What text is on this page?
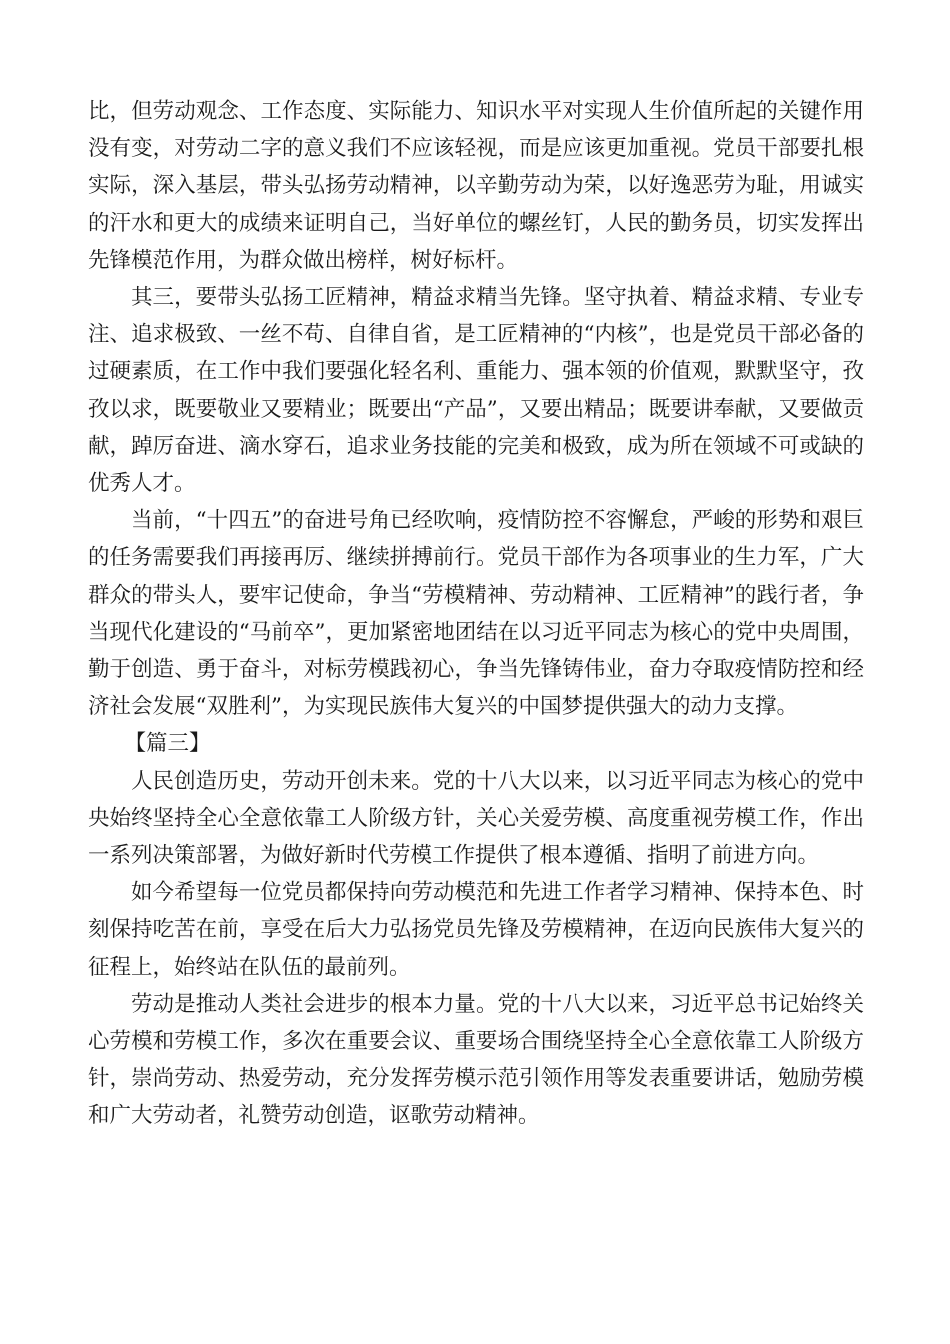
比，但劳动观念、工作态度、实际能力、知识水平对实现人生价值所起的关键作用没有变，对劳动二字的意义我们不应该轻视，而是应该更加重视。党员干部要扎根实际，深入基层，带头弘扬劳动精神，以辛勤劳动为荣，以好逸恶劳为耻，用诚实的汗水和更大的成绩来证明自己，当好单位的螺丝钉，人民的勤务员，切实发挥出先锋模范作用，为群众做出榜样，树好标杆。

其三，要带头弘扬工匠精神，精益求精当先锋。坚守执着、精益求精、专业专注、追求极致、一丝不苟、自律自省，是工匠精神的“内核”，也是党员干部必备的过硬素质，在工作中我们要强化轻名利、重能力、强本领的价值观，默默坚守，孜孜以求，既要敬业又要精业；既要出“产品”，又要出精品；既要讲奉献，又要做贡献，踔厉奋进、滴水穿石，追求业务技能的完美和极致，成为所在领域不可或缺的优秀人才。

当前，“十四五”的奋进号角已经吹响，疫情防控不容懈怠，严峻的形势和艰巨的任务需要我们再接再厉、继续拼搏前行。党员干部作为各项事业的生力军，广大群众的带头人，要牢记使命，争当“劳模精神、劳动精神、工匠精神”的践行者，争当现代化建设的“马前卒”，更加紧密地团结在以习近平同志为核心的党中央周围，勤于创造、勇于奋斗，对标劳模践初心，争当先锋铸伟业，奋力夺取疫情防控和经济社会发展“双胜利”，为实现民族伟大复兴的中国梦提供强大的动力支撑。

【篇三】

人民创造历史，劳动开创未来。党的十八大以来，以习近平同志为核心的党中央始终坚持全心全意依靠工人阶级方针，关心关爱劳模、高度重视劳模工作，作出一系列决策部署，为做好新时代劳模工作提供了根本遵循、指明了前进方向。

如今希望每一位党员都保持向劳动模范和先进工作者学习精神、保持本色、时刻保持吃苦在前，享受在后大力弘扬党员先锋及劳模精神，在迈向民族伟大复兴的征程上，始终站在队伍的最前列。

劳动是推动人类社会进步的根本力量。党的十八大以来，习近平总书记始终关心劳模和劳模工作，多次在重要会议、重要场合围绕坚持全心全意依靠工人阶级方针，崇尚劳动、热爱劳动，充分发挥劳模示范引领作用等发表重要讲话，勉励劳模和广大劳动者，礼赞劳动创造，讴歌劳动精神。
